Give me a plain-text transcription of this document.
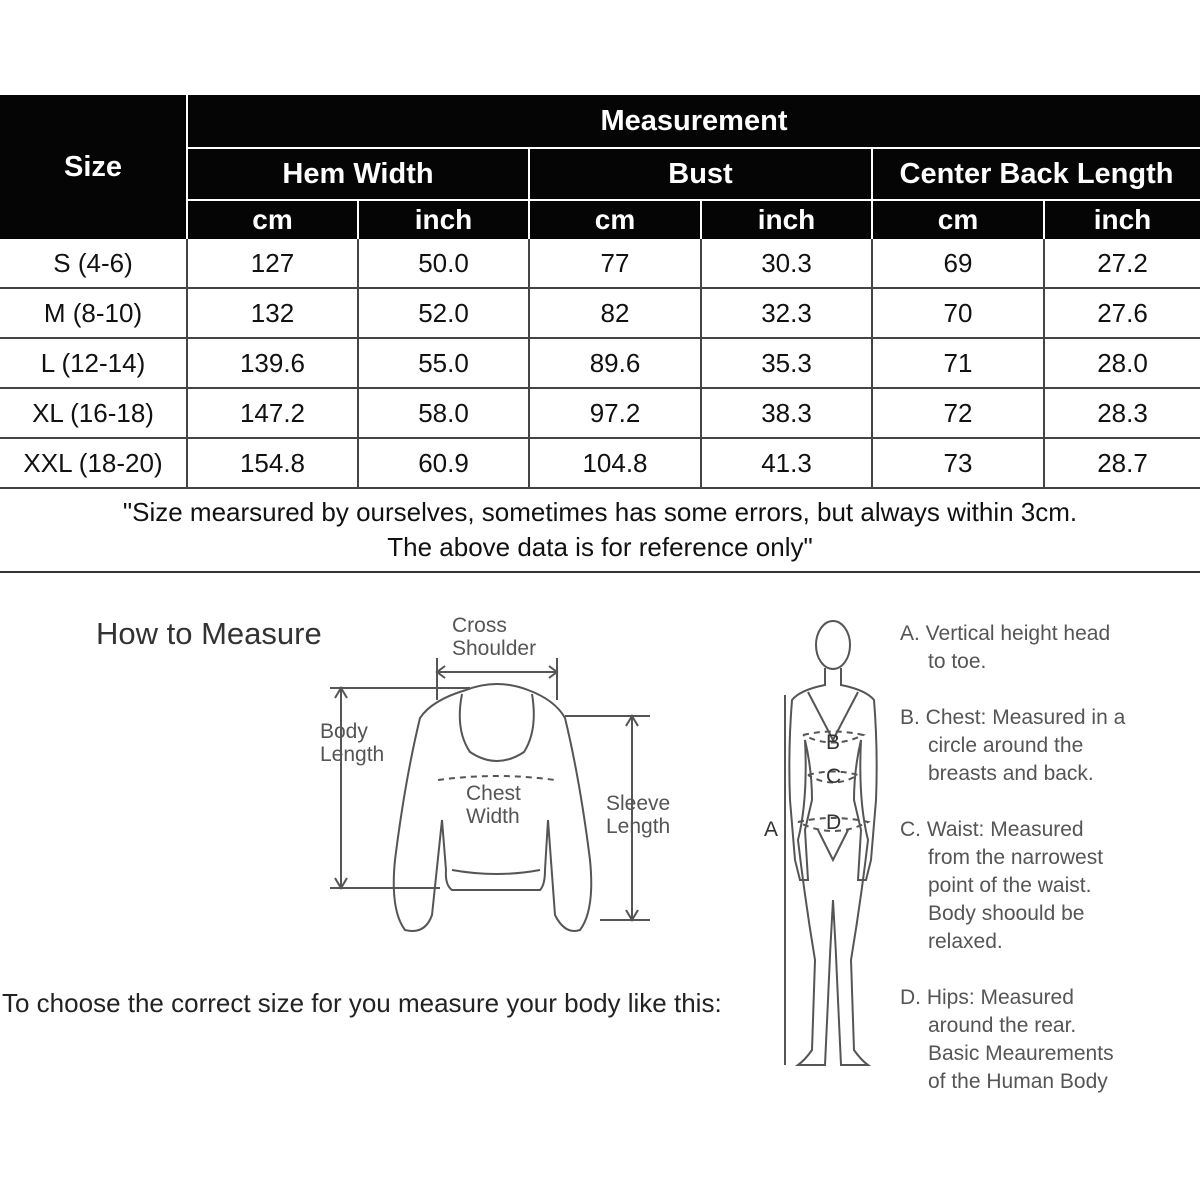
Size	Measurement					
	Hem Width		Bust		Center Back Length	
	cm	inch	cm	inch	cm	inch
S (4-6)	127	50.0	77	30.3	69	27.2
M (8-10)	132	52.0	82	32.3	70	27.6
L (12-14)	139.6	55.0	89.6	35.3	71	28.0
XL (16-18)	147.2	58.0	97.2	38.3	72	28.3
XXL (18-20)	154.8	60.9	104.8	41.3	73	28.7
"Size mearsured by ourselves, sometimes has some errors, but always within 3cm.
The above data is for reference only"
How to Measure	Cross
Shoulder
Body
Length
Chest
Width
Sleeve
Length	A
B
C
D
A. Vertical height head
to toe.
B. Chest: Measured in a
circle around the
breasts and back.
C. Waist: Measured
from the narrowest
point of the waist.
Body shoould be
relaxed.
D. Hips: Measured
around the rear.
Basic Meaurements
of the Human Body
To choose the correct size for you measure your body like this:
